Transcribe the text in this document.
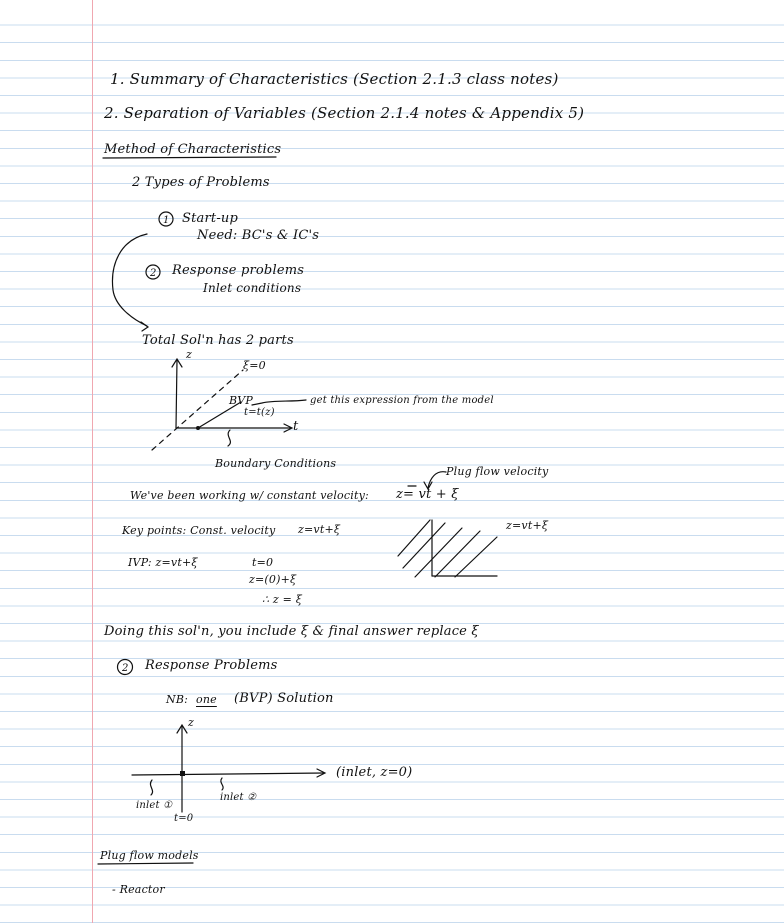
1. Summary of Characteristics (Section 2.1.3 class notes)
2. Separation of Variables (Section 2.1.4 notes & Appendix 5)
Method of Characteristics
2 Types of Problems
Start-up
Need: BC's & IC's
Response problems
Inlet conditions
Total Sol'n has 2 parts
z
ξ=0
BVP
t=t(z)
get this expression from the model
t
Boundary Conditions
Plug flow velocity
We've been working w/ constant velocity: z= vt + ξ
Key points: Const. velocity z=vt+ξ	z=vt+ξ
IVP: z=vt+ξ	t=0
z=(0)+ξ
∴ z = ξ
Doing this sol'n, you include ξ & final answer replace ξ
Response Problems
NB: one (BVP) Solution
z
(inlet, z=0)
inlet ①
inlet ②
t=0
Plug flow models
- Reactor
1
2
2
